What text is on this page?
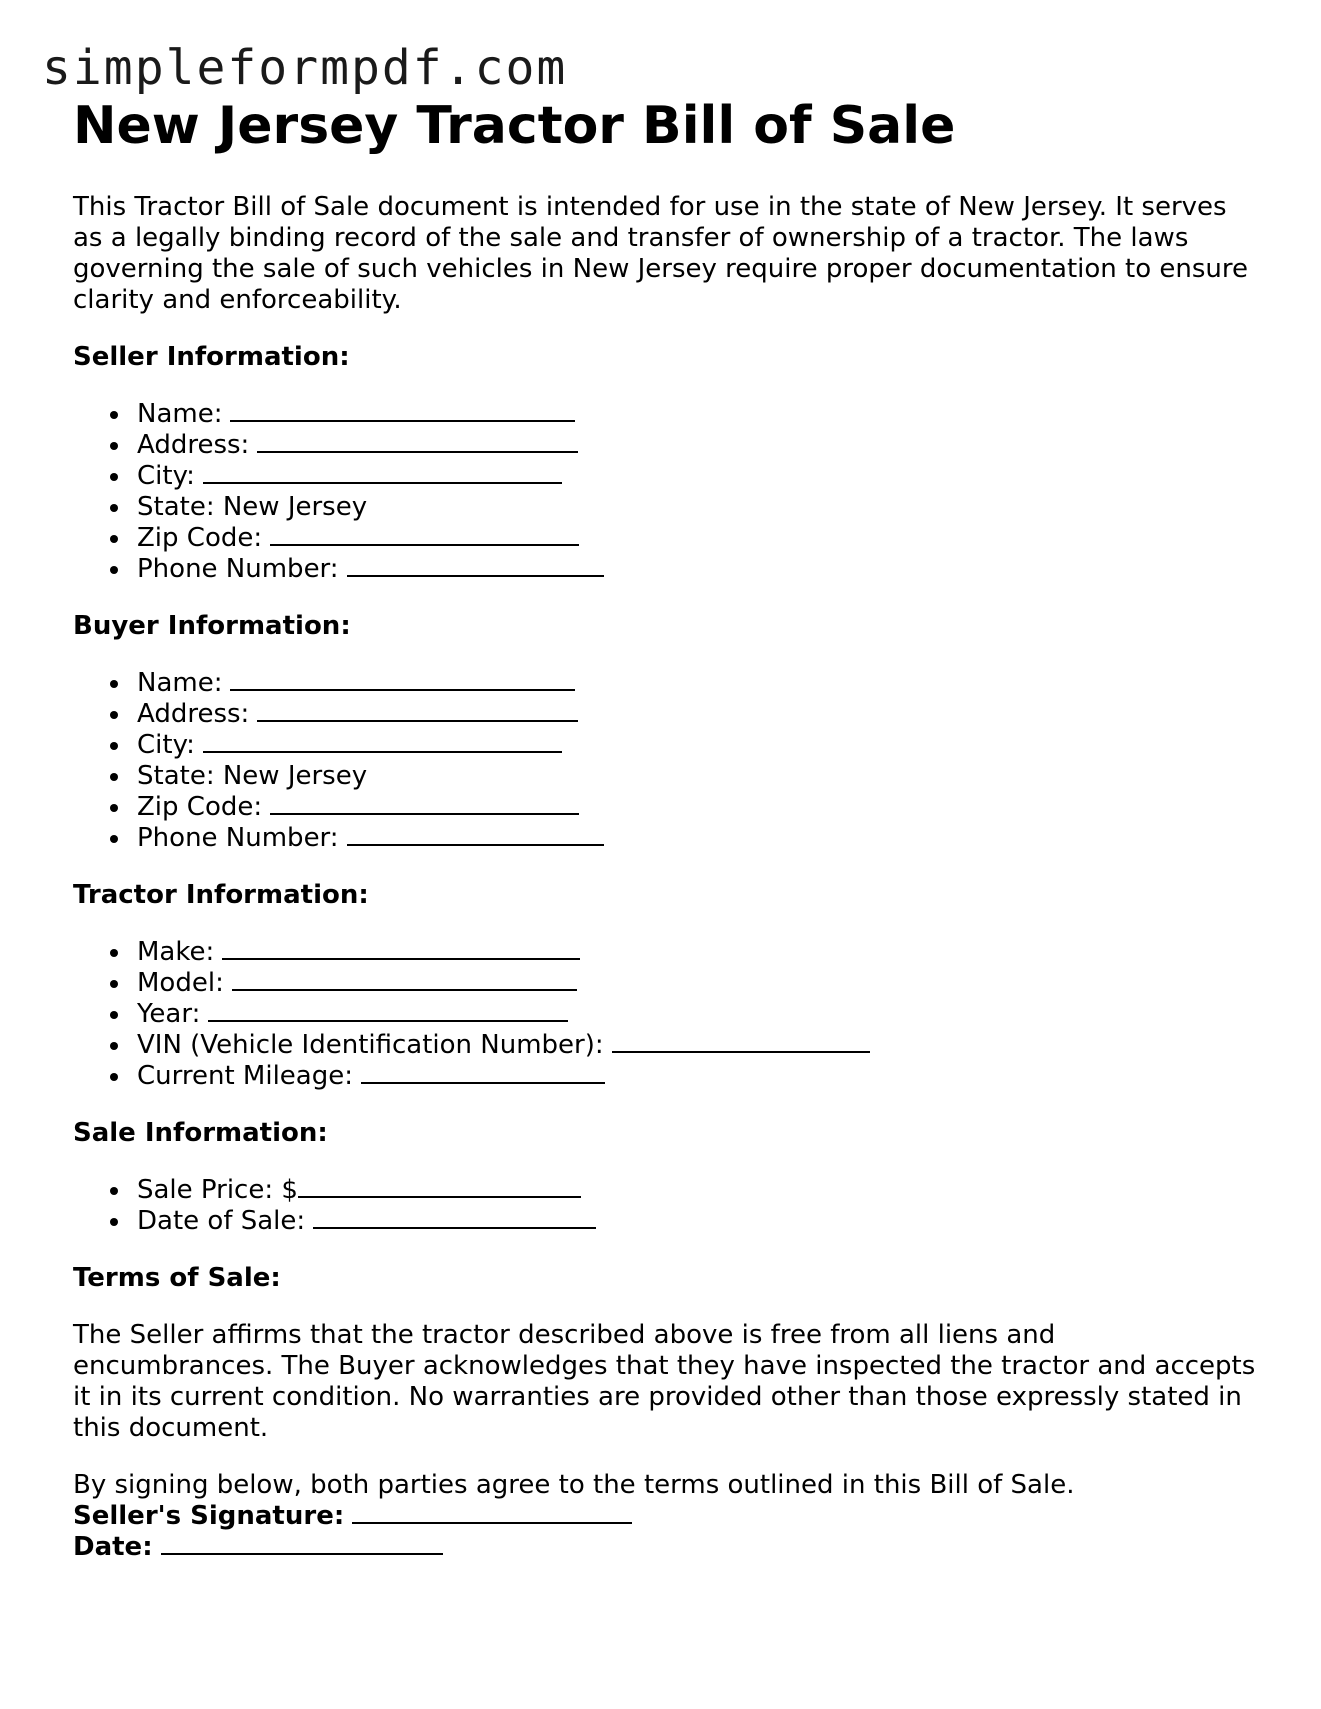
simpleformpdf.com
New Jersey Tractor Bill of Sale

This Tractor Bill of Sale document is intended for use in the state of New Jersey. It serves as a legally binding record of the sale and transfer of ownership of a tractor. The laws governing the sale of such vehicles in New Jersey require proper documentation to ensure clarity and enforceability.

Seller Information:

Name:
Address:
City:
State: New Jersey
Zip Code:
Phone Number:

Buyer Information:

Name:
Address:
City:
State: New Jersey
Zip Code:
Phone Number:

Tractor Information:

Make:
Model:
Year:
VIN (Vehicle Identification Number):
Current Mileage:

Sale Information:

Sale Price: $
Date of Sale:

Terms of Sale:

The Seller affirms that the tractor described above is free from all liens and encumbrances. The Buyer acknowledges that they have inspected the tractor and accepts it in its current condition. No warranties are provided other than those expressly stated in this document.

By signing below, both parties agree to the terms outlined in this Bill of Sale.

Seller's Signature:

Date:
